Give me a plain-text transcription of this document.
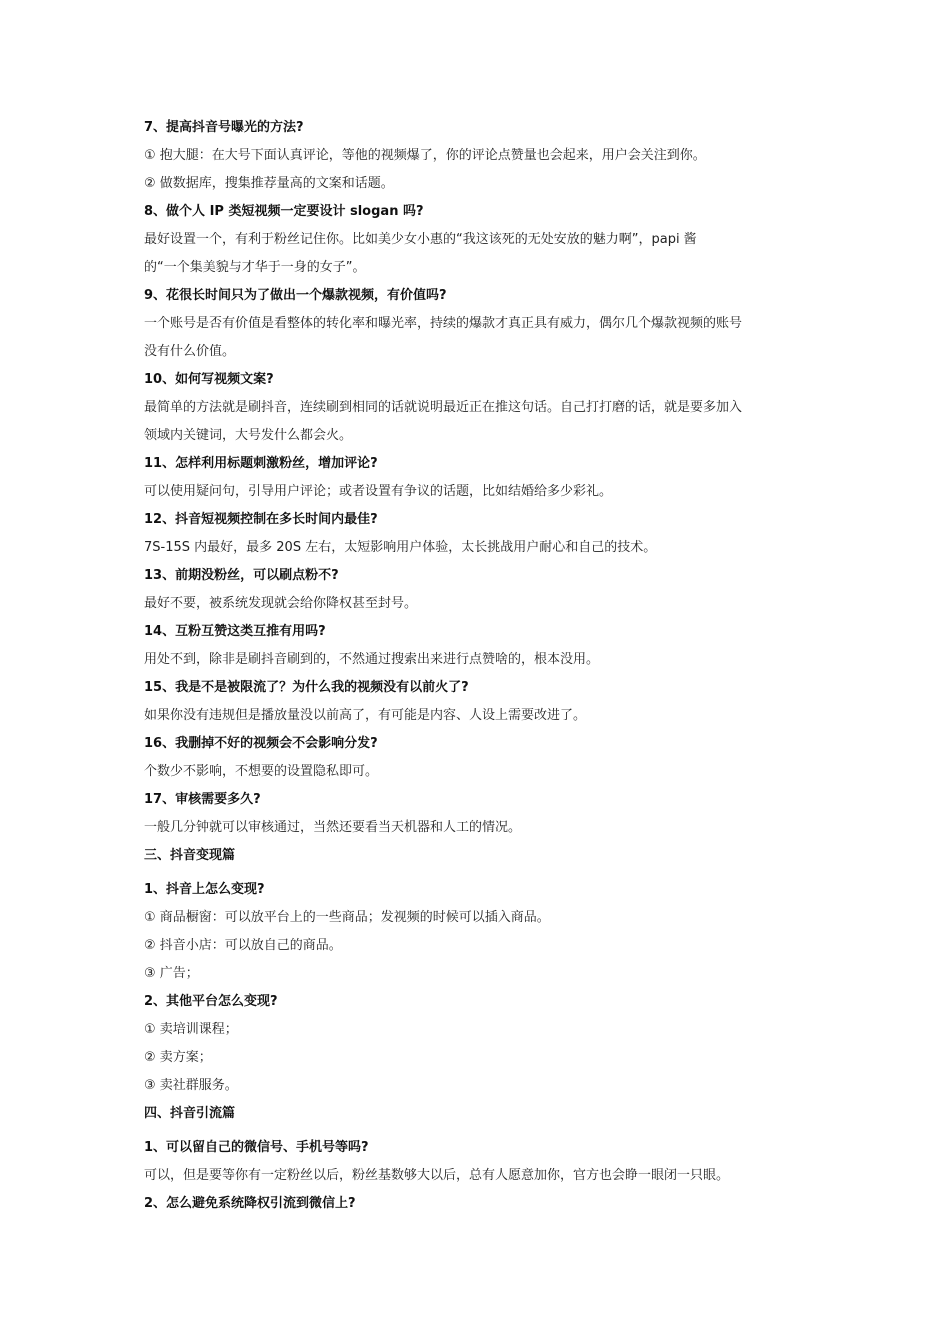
7、提高抖音号曝光的方法?
① 抱大腿：在大号下面认真评论，等他的视频爆了，你的评论点赞量也会起来，用户会关注到你。
② 做数据库，搜集推荐量高的文案和话题。
8、做个人 IP 类短视频一定要设计 slogan 吗?
最好设置一个，有利于粉丝记住你。比如美少女小惠的“我这该死的无处安放的魅力啊”，papi 酱
的“一个集美貌与才华于一身的女子”。
9、花很长时间只为了做出一个爆款视频，有价值吗?
一个账号是否有价值是看整体的转化率和曝光率，持续的爆款才真正具有威力，偶尔几个爆款视频的账号
没有什么价值。
10、如何写视频文案?
最简单的方法就是刷抖音，连续刷到相同的话就说明最近正在推这句话。自己打打磨的话，就是要多加入
领域内关键词，大号发什么都会火。
11、怎样利用标题刺激粉丝，增加评论?
可以使用疑问句，引导用户评论；或者设置有争议的话题，比如结婚给多少彩礼。
12、抖音短视频控制在多长时间内最佳?
7S-15S 内最好，最多 20S 左右，太短影响用户体验，太长挑战用户耐心和自己的技术。
13、前期没粉丝，可以刷点粉不?
最好不要，被系统发现就会给你降权甚至封号。
14、互粉互赞这类互推有用吗?
用处不到，除非是刷抖音刷到的，不然通过搜索出来进行点赞啥的，根本没用。
15、我是不是被限流了？为什么我的视频没有以前火了?
如果你没有违规但是播放量没以前高了，有可能是内容、人设上需要改进了。
16、我删掉不好的视频会不会影响分发?
个数少不影响，不想要的设置隐私即可。
17、审核需要多久?
一般几分钟就可以审核通过，当然还要看当天机器和人工的情况。
三、抖音变现篇
1、抖音上怎么变现?
① 商品橱窗：可以放平台上的一些商品；发视频的时候可以插入商品。
② 抖音小店：可以放自己的商品。
③ 广告；
2、其他平台怎么变现?
① 卖培训课程；
② 卖方案；
③ 卖社群服务。
四、抖音引流篇
1、可以留自己的微信号、手机号等吗?
可以，但是要等你有一定粉丝以后，粉丝基数够大以后，总有人愿意加你，官方也会睁一眼闭一只眼。
2、怎么避免系统降权引流到微信上?
